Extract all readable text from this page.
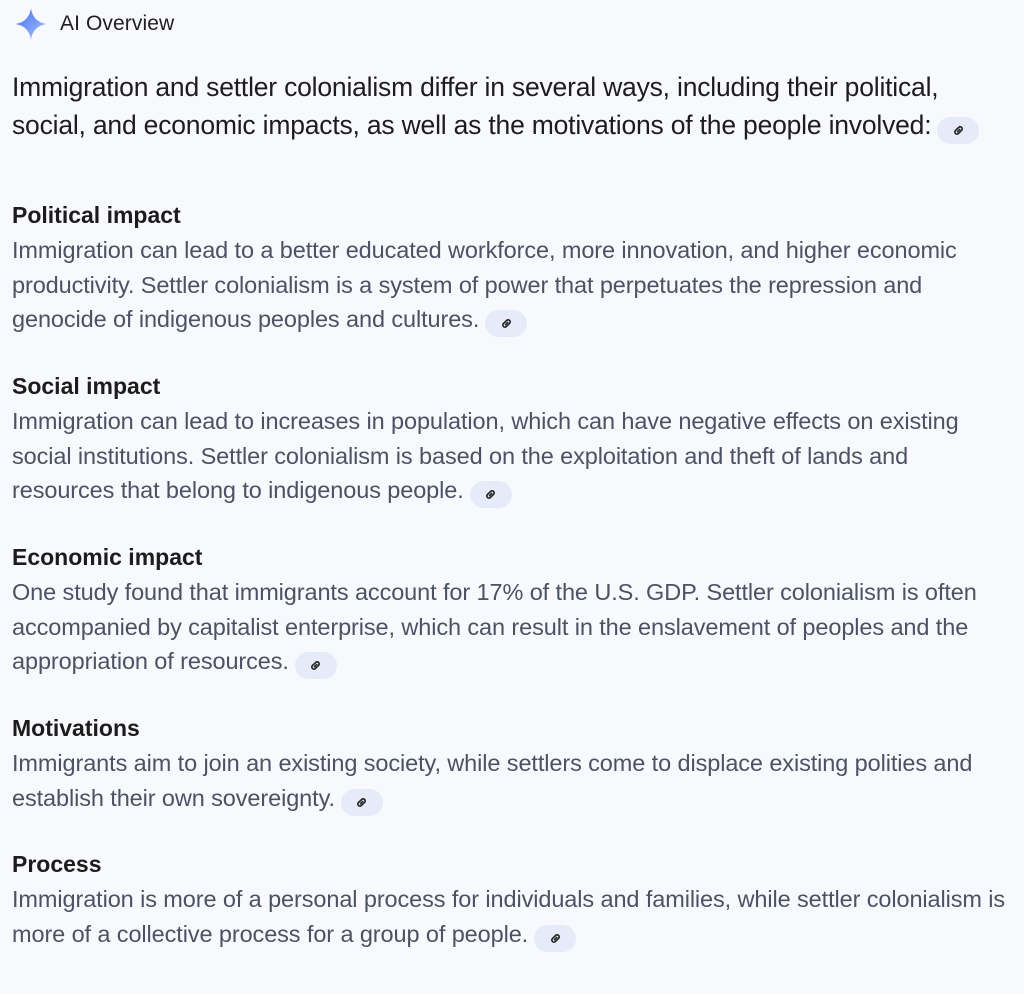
AI Overview
Immigration and settler colonialism differ in several ways, including their political, social, and economic impacts, as well as the motivations of the people involved:
Political impact

Immigration can lead to a better educated workforce, more innovation, and higher economic productivity. Settler colonialism is a system of power that perpetuates the repression and genocide of indigenous peoples and cultures.

Social impact

Immigration can lead to increases in population, which can have negative effects on existing social institutions. Settler colonialism is based on the exploitation and theft of lands and resources that belong to indigenous people.

Economic impact

One study found that immigrants account for 17% of the U.S. GDP. Settler colonialism is often accompanied by capitalist enterprise, which can result in the enslavement of peoples and the appropriation of resources.

Motivations

Immigrants aim to join an existing society, while settlers come to displace existing polities and establish their own sovereignty.

Process

Immigration is more of a personal process for individuals and families, while settler colonialism is more of a collective process for a group of people.
